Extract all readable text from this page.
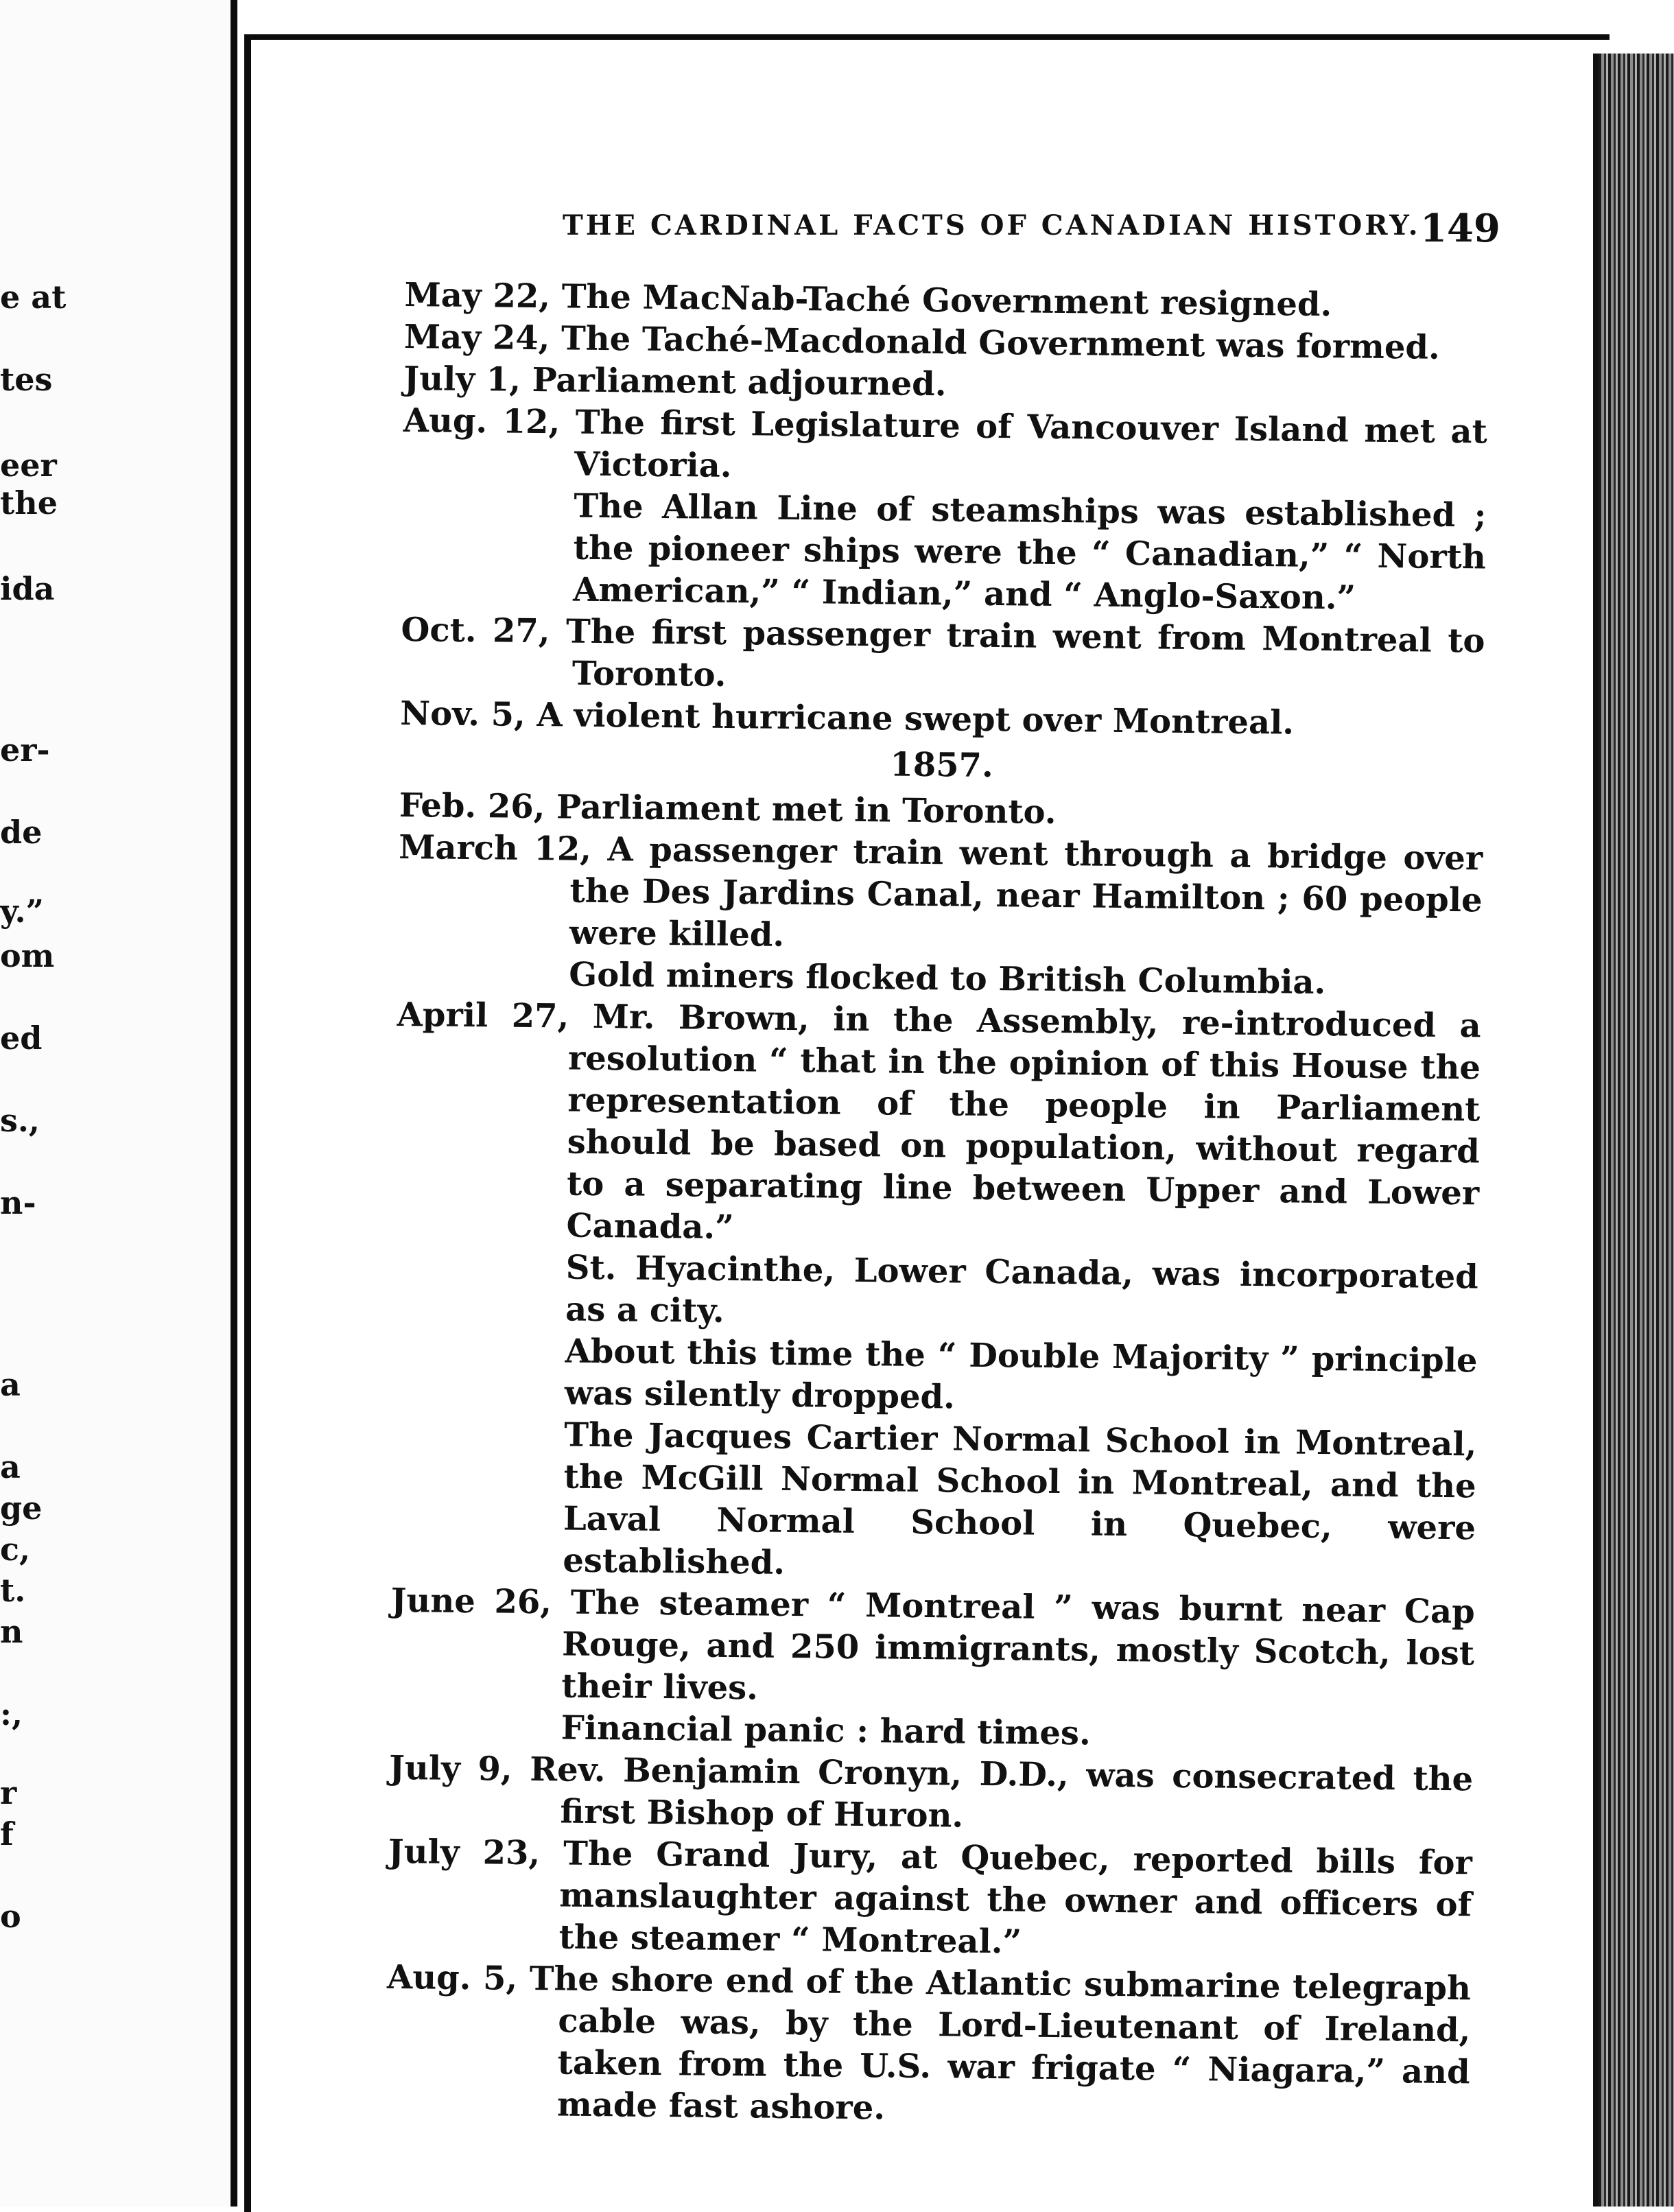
e at
tes
eer
the
ida
er-
de
y.”
om
ed
s.,
n-
a
a
ge
c,
t.
n
:,
r
f
o
THE CARDINAL FACTS OF CANADIAN HISTORY. 149
May 22, The MacNab-Taché Government resigned.
May 24, The Taché-Macdonald Government was formed.
July 1, Parliament adjourned.
Aug. 12, The first Legislature of Vancouver Island met at Victoria.
The Allan Line of steamships was established ; the pioneer ships were the “ Canadian,” “ North American,” “ Indian,” and “ Anglo-Saxon.”
Oct. 27, The first passenger train went from Montreal to Toronto.
Nov. 5, A violent hurricane swept over Montreal.
1857.
Feb. 26, Parliament met in Toronto.
March 12, A passenger train went through a bridge over the Des Jardins Canal, near Hamilton ; 60 people were killed.
Gold miners flocked to British Columbia.
April 27, Mr. Brown, in the Assembly, re-introduced a resolution “ that in the opinion of this House the representation of the people in Parliament should be based on population, without regard to a separating line between Upper and Lower Canada.”
St. Hyacinthe, Lower Canada, was incorporated as a city.
About this time the “ Double Majority ” principle was silently dropped.
The Jacques Cartier Normal School in Montreal, the McGill Normal School in Montreal, and the Laval Normal School in Quebec, were established.
June 26, The steamer “ Montreal ” was burnt near Cap Rouge, and 250 immigrants, mostly Scotch, lost their lives.
Financial panic : hard times.
July 9, Rev. Benjamin Cronyn, D.D., was consecrated the first Bishop of Huron.
July 23, The Grand Jury, at Quebec, reported bills for manslaughter against the owner and officers of the steamer “ Montreal.”
Aug. 5, The shore end of the Atlantic submarine telegraph cable was, by the Lord-Lieutenant of Ireland, taken from the U.S. war frigate “ Niagara,” and made fast ashore.
